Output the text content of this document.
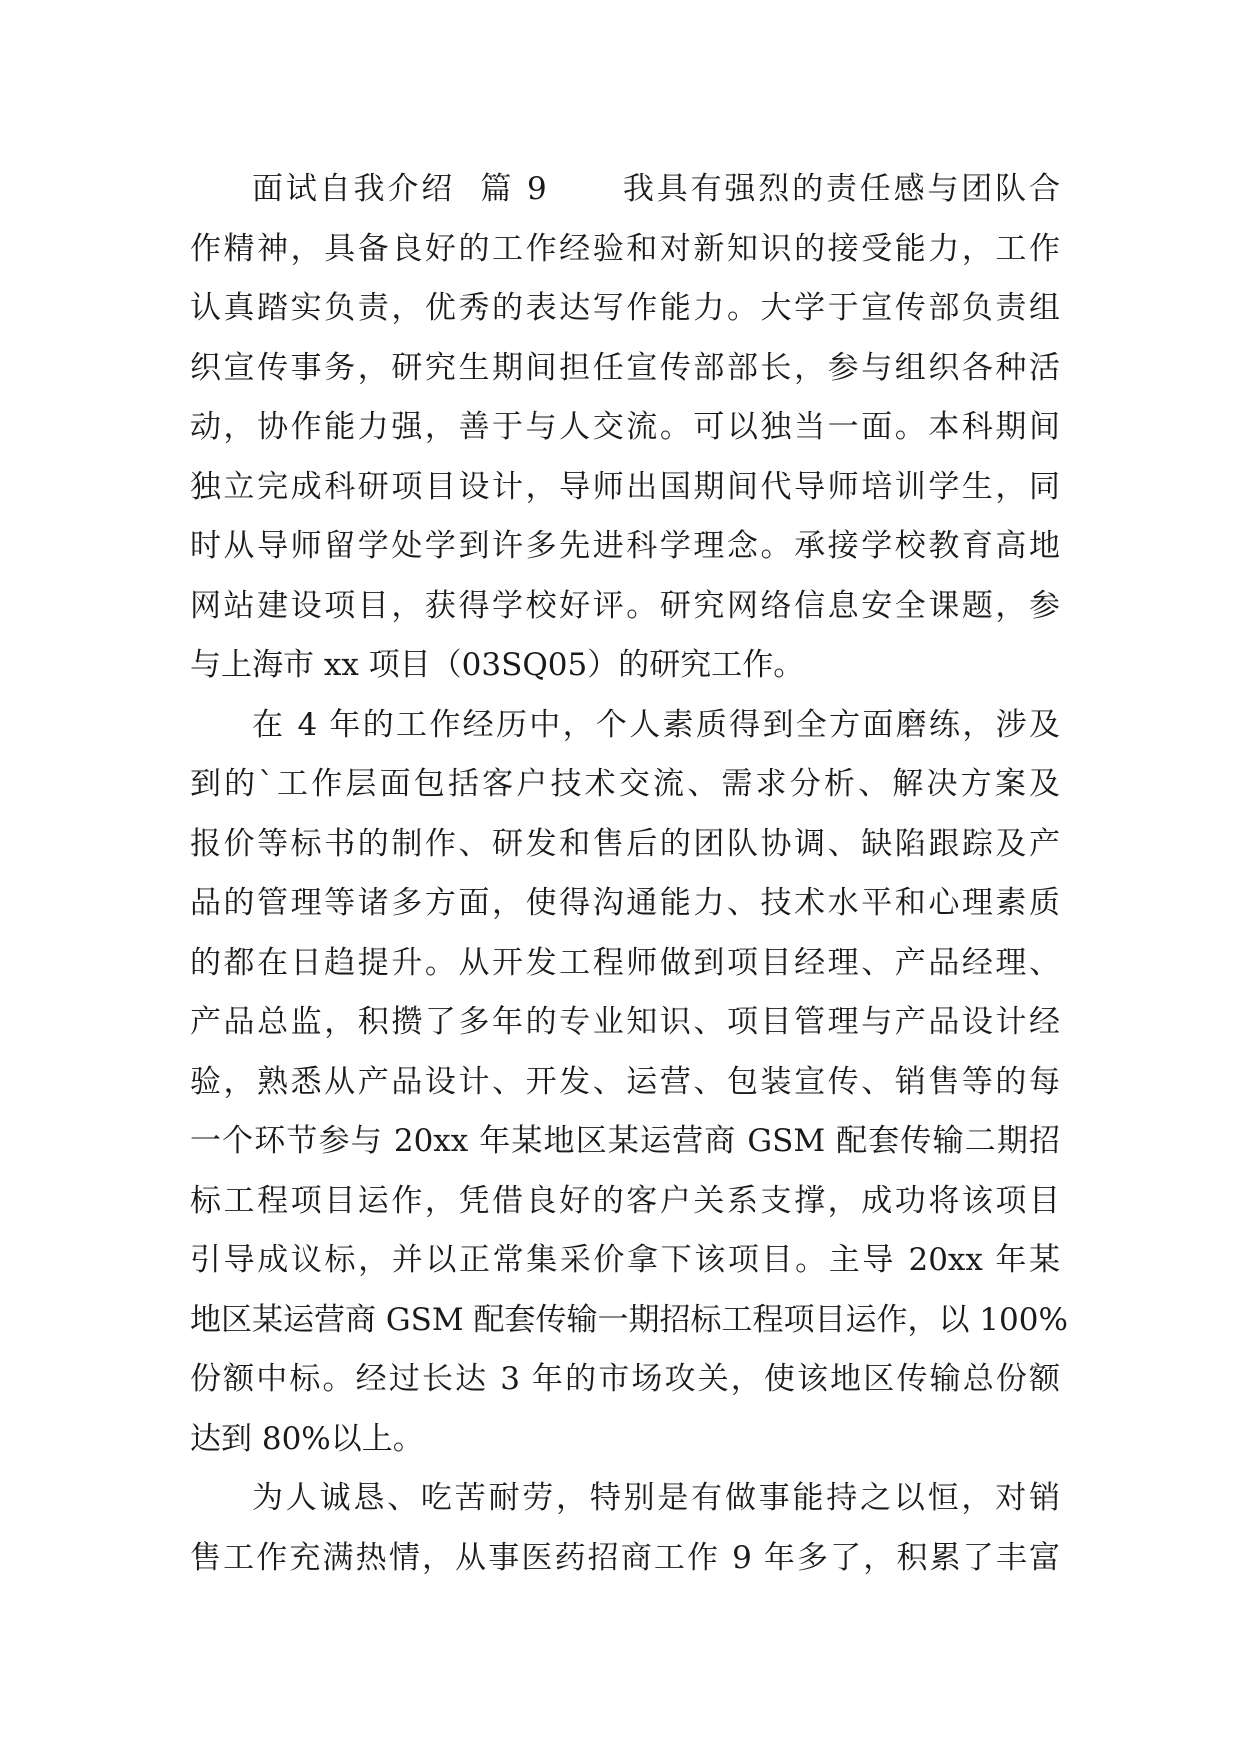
面试自我介绍  篇 9      我具有强烈的责任感与团队合
作精神，具备良好的工作经验和对新知识的接受能力，工作
认真踏实负责，优秀的表达写作能力。大学于宣传部负责组
织宣传事务，研究生期间担任宣传部部长，参与组织各种活
动，协作能力强，善于与人交流。可以独当一面。本科期间
独立完成科研项目设计，导师出国期间代导师培训学生，同
时从导师留学处学到许多先进科学理念。承接学校教育高地
网站建设项目，获得学校好评。研究网络信息安全课题，参
与上海市 xx 项目（03SQ05）的研究工作。
在 4 年的工作经历中，个人素质得到全方面磨练，涉及
到的`工作层面包括客户技术交流、需求分析、解决方案及
报价等标书的制作、研发和售后的团队协调、缺陷跟踪及产
品的管理等诸多方面，使得沟通能力、技术水平和心理素质
的都在日趋提升。从开发工程师做到项目经理、产品经理、
产品总监，积攒了多年的专业知识、项目管理与产品设计经
验，熟悉从产品设计、开发、运营、包装宣传、销售等的每
一个环节参与 20xx 年某地区某运营商 GSM 配套传输二期招
标工程项目运作，凭借良好的客户关系支撑，成功将该项目
引导成议标，并以正常集采价拿下该项目。主导 20xx 年某
地区某运营商 GSM 配套传输一期招标工程项目运作，以 100%
份额中标。经过长达 3 年的市场攻关，使该地区传输总份额
达到 80%以上。
为人诚恳、吃苦耐劳，特别是有做事能持之以恒，对销
售工作充满热情，从事医药招商工作 9 年多了，积累了丰富
